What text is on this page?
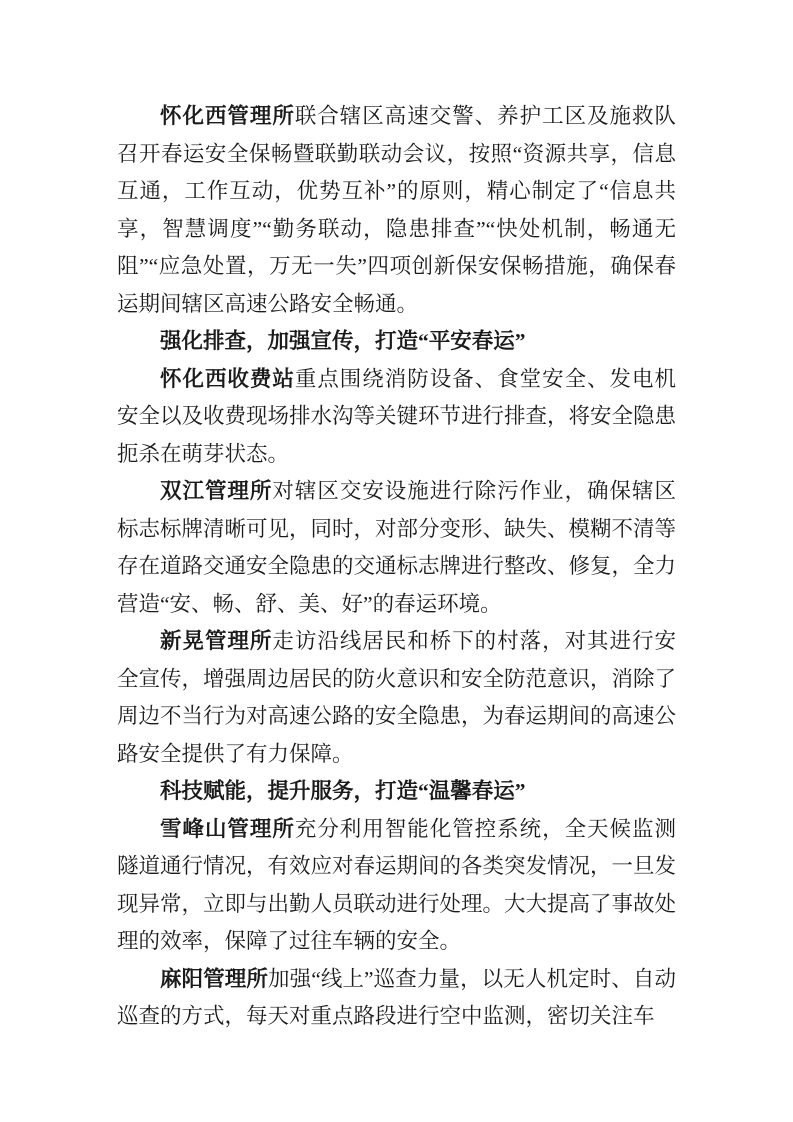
怀化西管理所联合辖区高速交警、养护工区及施救队召开春运安全保畅暨联勤联动会议，按照“资源共享，信息互通，工作互动，优势互补”的原则，精心制定了“信息共享，智慧调度”“勤务联动，隐患排查”“快处机制，畅通无阻”“应急处置，万无一失”四项创新保安保畅措施，确保春运期间辖区高速公路安全畅通。

强化排查，加强宣传，打造“平安春运”

怀化西收费站重点围绕消防设备、食堂安全、发电机安全以及收费现场排水沟等关键环节进行排查，将安全隐患扼杀在萌芽状态。

双江管理所对辖区交安设施进行除污作业，确保辖区标志标牌清晰可见，同时，对部分变形、缺失、模糊不清等存在道路交通安全隐患的交通标志牌进行整改、修复，全力营造“安、畅、舒、美、好”的春运环境。

新晃管理所走访沿线居民和桥下的村落，对其进行安全宣传，增强周边居民的防火意识和安全防范意识，消除了周边不当行为对高速公路的安全隐患，为春运期间的高速公路安全提供了有力保障。

科技赋能，提升服务，打造“温馨春运”

雪峰山管理所充分利用智能化管控系统，全天候监测隧道通行情况，有效应对春运期间的各类突发情况，一旦发现异常，立即与出勤人员联动进行处理。大大提高了事故处理的效率，保障了过往车辆的安全。

麻阳管理所加强“线上”巡查力量，以无人机定时、自动巡查的方式，每天对重点路段进行空中监测，密切关注车
